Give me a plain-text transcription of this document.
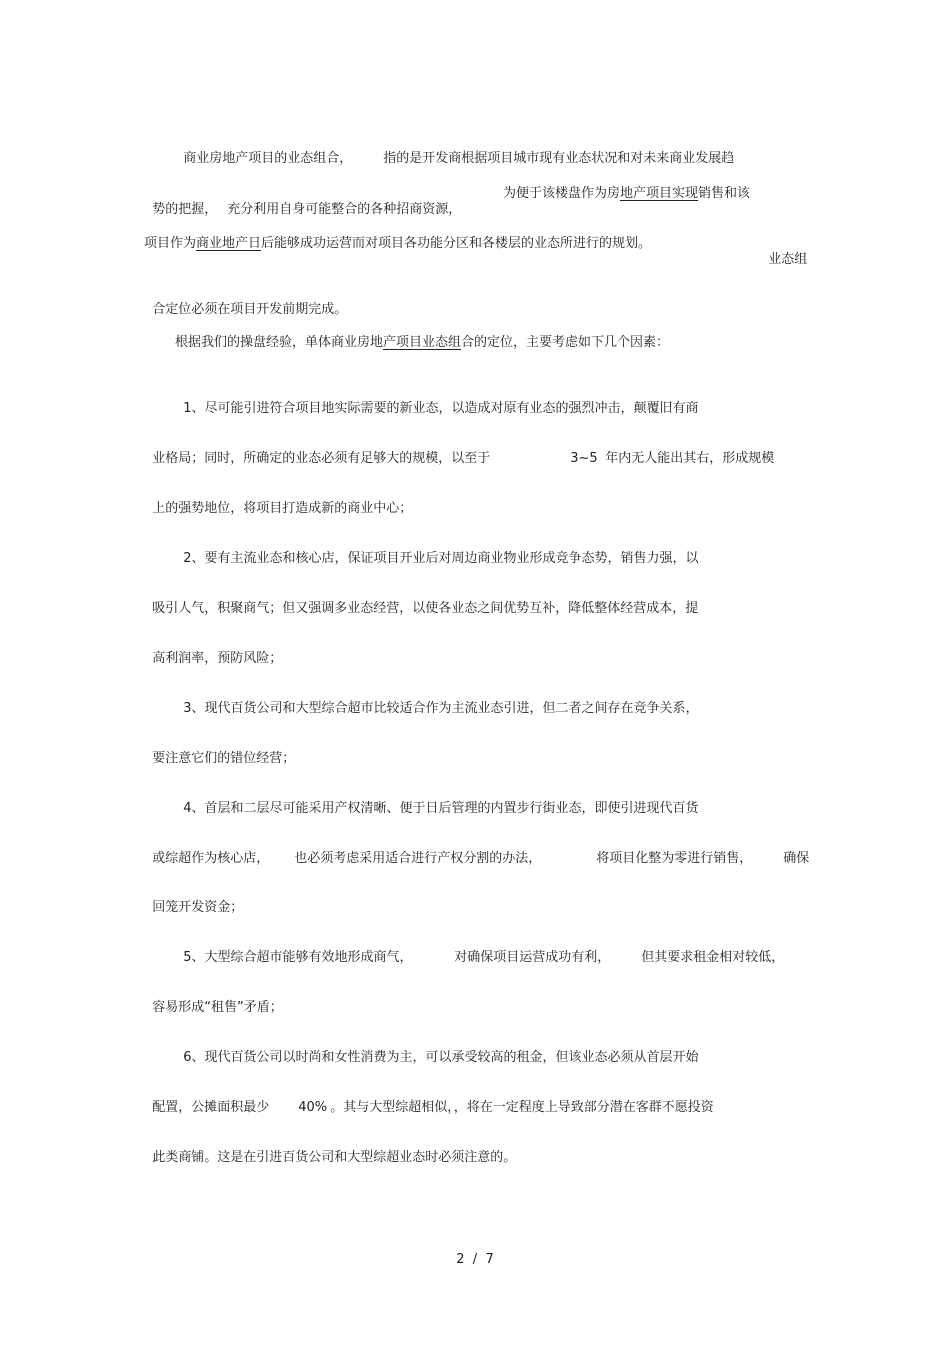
商业房地产项目的业态组合，	指的是开发商根据项目城市现有业态状况和对未来商业发展趋

势的把握， 充分利用自身可能整合的各种招商资源，

为便于该楼盘作为房地产项目实现销售和该
项目作为商业地产日后能够成功运营而对项目各功能分区和各楼层的业态所进行的规划。

业态组

合定位必须在项目开发前期完成。

根据我们的操盘经验，单体商业房地产项目业态组合的定位，主要考虑如下几个因素：

1、尽可能引进符合项目地实际需要的新业态，以造成对原有业态的强烈冲击，颠覆旧有商

业格局；同时，所确定的业态必须有足够大的规模，以至于	3~5 年内无人能出其右，形成规模

上的强势地位，将项目打造成新的商业中心；

2、要有主流业态和核心店，保证项目开业后对周边商业物业形成竞争态势，销售力强，以

吸引人气，积聚商气；但又强调多业态经营，以使各业态之间优势互补，降低整体经营成本，提

高利润率，预防风险；

3、现代百货公司和大型综合超市比较适合作为主流业态引进，但二者之间存在竞争关系，

要注意它们的错位经营；

4、首层和二层尽可能采用产权清晰、便于日后管理的内置步行街业态，即使引进现代百货

或综超作为核心店，	也必须考虑采用适合进行产权分割的办法，	将项目化整为零进行销售，	确保

回笼开发资金；

5、大型综合超市能够有效地形成商气，	对确保项目运营成功有利，	但其要求租金相对较低，

容易形成“租售”矛盾；

6、现代百货公司以时尚和女性消费为主，可以承受较高的租金，但该业态必须从首层开始

配置，公摊面积最少	40% 。其与大型综超相似，，将在一定程度上导致部分潜在客群不愿投资

此类商铺。这是在引进百货公司和大型综超业态时必须注意的。

2  /  7
